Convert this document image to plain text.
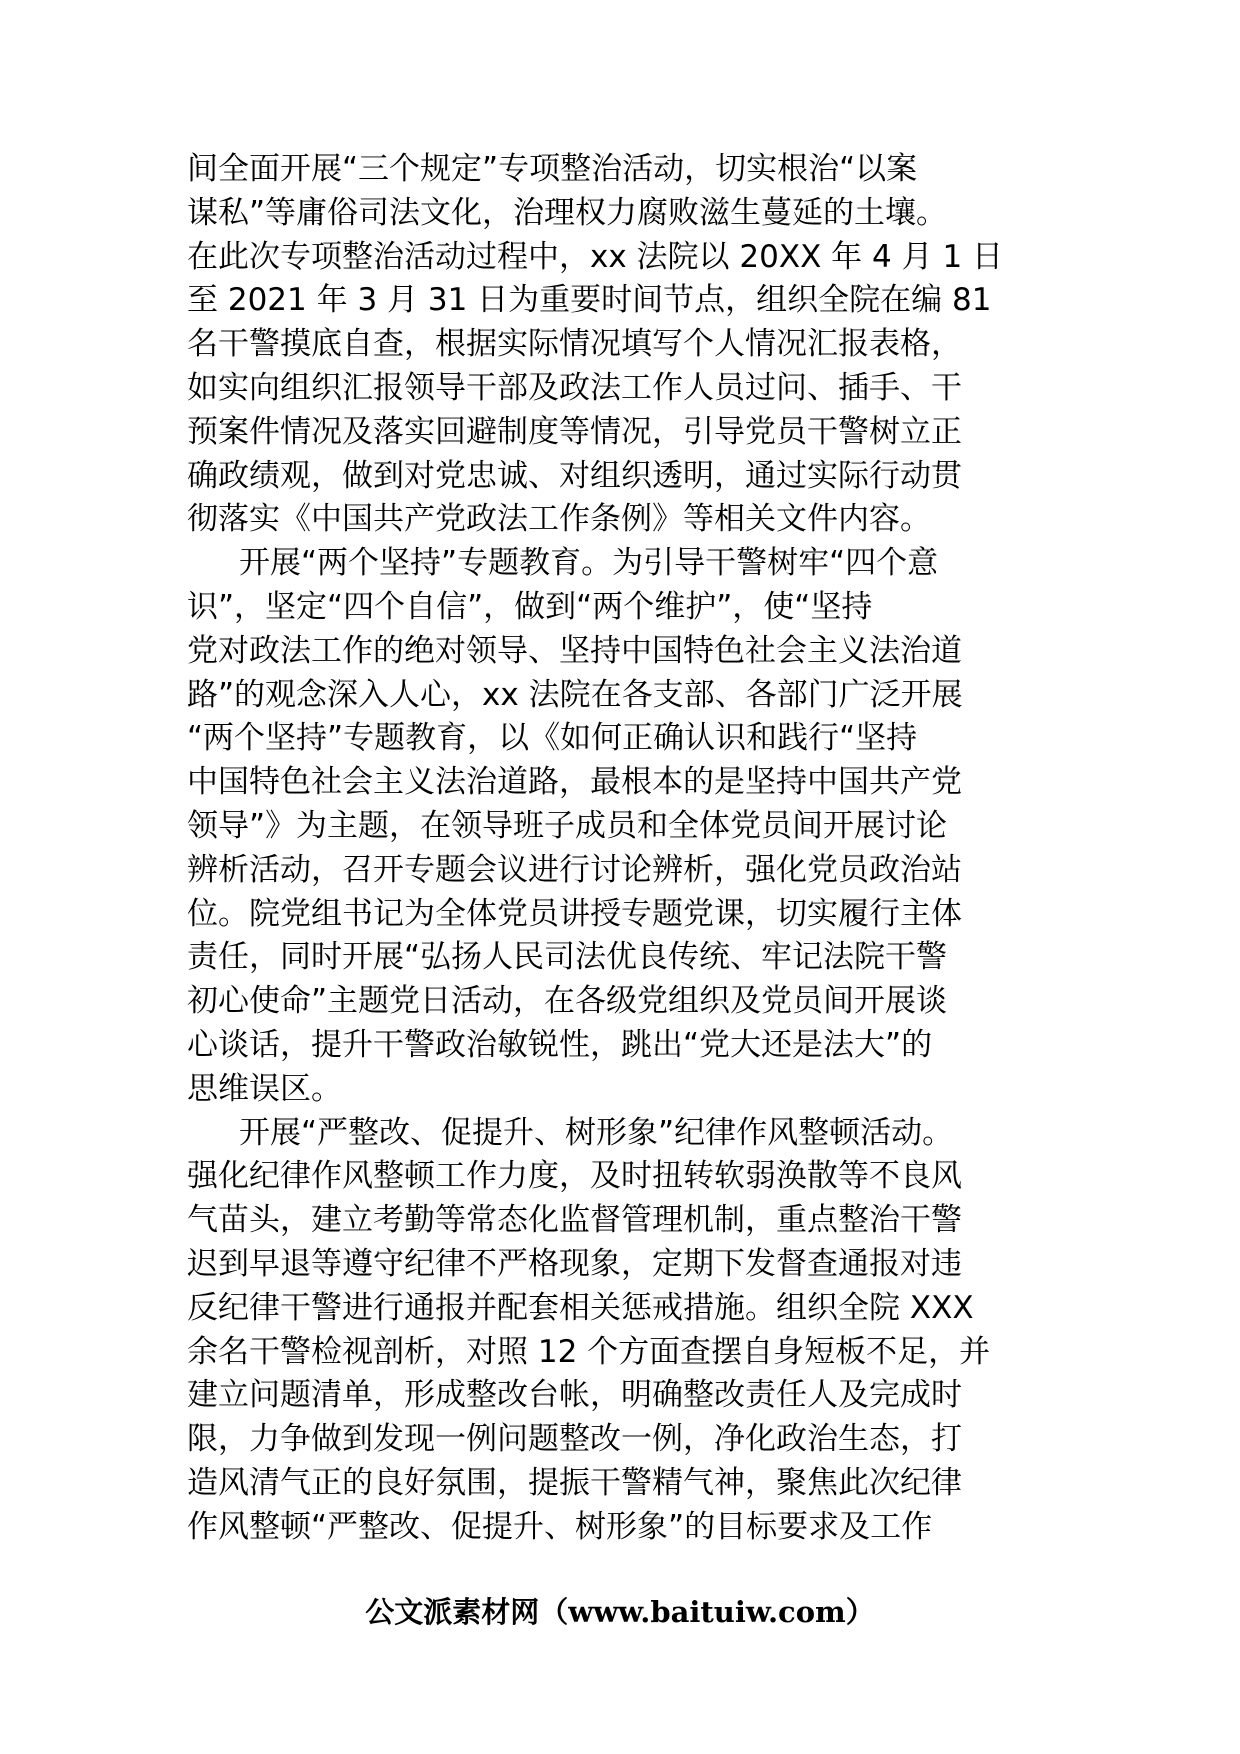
间全面开展“三个规定”专项整治活动，切实根治“以案
谋私”等庸俗司法文化，治理权力腐败滋生蔓延的土壤。
在此次专项整治活动过程中，xx 法院以 20XX 年 4 月 1 日
至 2021 年 3 月 31 日为重要时间节点，组织全院在编 81
名干警摸底自查，根据实际情况填写个人情况汇报表格，
如实向组织汇报领导干部及政法工作人员过问、插手、干
预案件情况及落实回避制度等情况，引导党员干警树立正
确政绩观，做到对党忠诚、对组织透明，通过实际行动贯
彻落实《中国共产党政法工作条例》等相关文件内容。
开展“两个坚持”专题教育。为引导干警树牢“四个意
识”，坚定“四个自信”，做到“两个维护”，使“坚持
党对政法工作的绝对领导、坚持中国特色社会主义法治道
路”的观念深入人心，xx 法院在各支部、各部门广泛开展
“两个坚持”专题教育，以《如何正确认识和践行“坚持
中国特色社会主义法治道路，最根本的是坚持中国共产党
领导”》为主题，在领导班子成员和全体党员间开展讨论
辨析活动，召开专题会议进行讨论辨析，强化党员政治站
位。院党组书记为全体党员讲授专题党课，切实履行主体
责任，同时开展“弘扬人民司法优良传统、牢记法院干警
初心使命”主题党日活动，在各级党组织及党员间开展谈
心谈话，提升干警政治敏锐性，跳出“党大还是法大”的
思维误区。
开展“严整改、促提升、树形象”纪律作风整顿活动。
强化纪律作风整顿工作力度，及时扭转软弱涣散等不良风
气苗头，建立考勤等常态化监督管理机制，重点整治干警
迟到早退等遵守纪律不严格现象，定期下发督查通报对违
反纪律干警进行通报并配套相关惩戒措施。组织全院 XXX
余名干警检视剖析，对照 12 个方面查摆自身短板不足，并
建立问题清单，形成整改台帐，明确整改责任人及完成时
限，力争做到发现一例问题整改一例，净化政治生态，打
造风清气正的良好氛围，提振干警精气神，聚焦此次纪律
作风整顿“严整改、促提升、树形象”的目标要求及工作
公文派素材网（www.baituiw.com）
